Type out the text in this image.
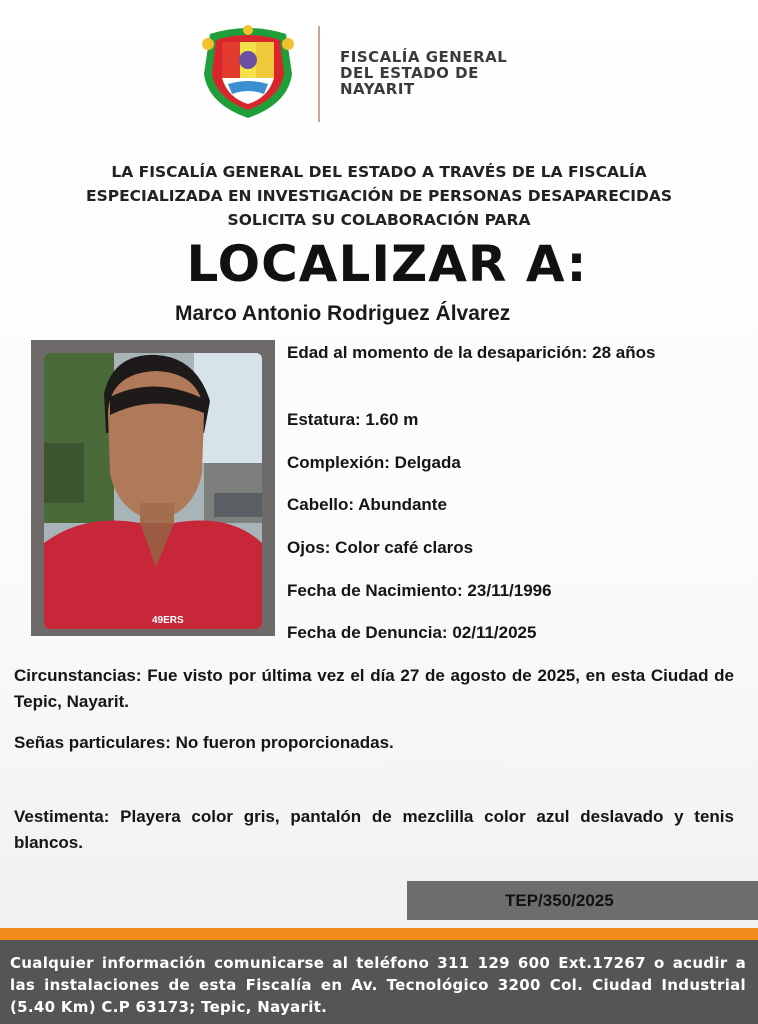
FISCALÍA GENERAL
DEL ESTADO DE
NAYARIT
LA FISCALÍA GENERAL DEL ESTADO A TRAVÉS DE LA FISCALÍA
ESPECIALIZADA EN INVESTIGACIÓN DE PERSONAS DESAPARECIDAS
SOLICITA SU COLABORACIÓN PARA
LOCALIZAR A:
Marco Antonio Rodriguez Álvarez
49ERS
Edad al momento de la desaparición: 28 años
Estatura: 1.60 m
Complexión: Delgada
Cabello: Abundante
Ojos: Color café claros
Fecha de Nacimiento: 23/11/1996
Fecha de Denuncia: 02/11/2025
Circunstancias: Fue visto por última vez el día 27 de agosto de 2025, en esta Ciudad de Tepic, Nayarit.
Señas particulares: No fueron proporcionadas.
Vestimenta: Playera color gris, pantalón de mezclilla color azul deslavado y tenis blancos.
TEP/350/2025
Cualquier información comunicarse al teléfono 311 129 600 Ext.17267 o acudir a las instalaciones de esta Fiscalía en Av. Tecnológico 3200 Col. Ciudad Industrial (5.40 Km) C.P 63173; Tepic, Nayarit.
